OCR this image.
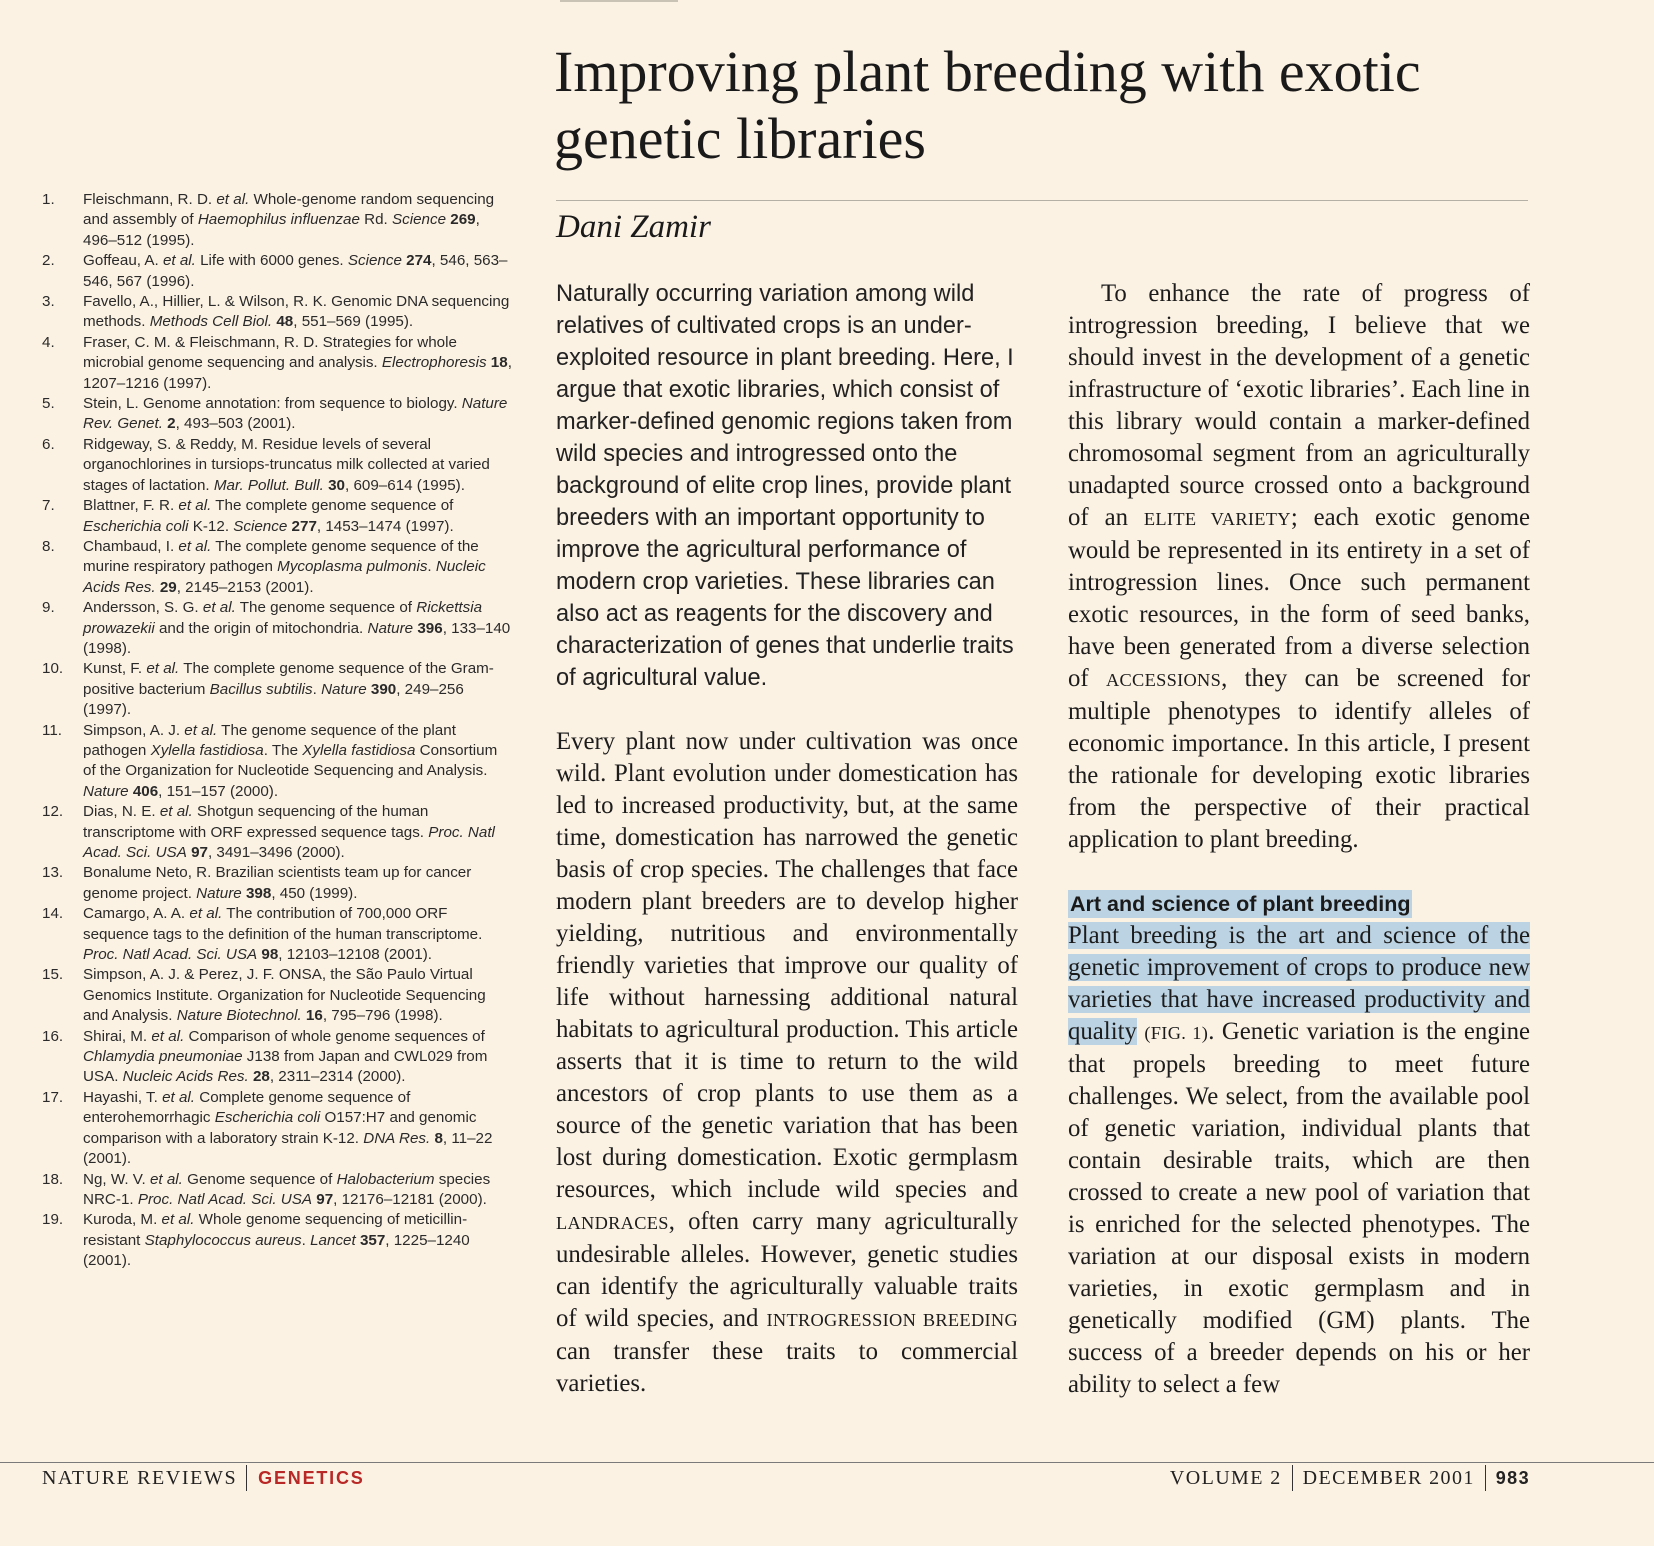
Improving plant breeding with exotic genetic libraries
Dani Zamir
1. Fleischmann, R. D. et al. Whole-genome random sequencing and assembly of Haemophilus influenzae Rd. Science 269, 496–512 (1995).
2. Goffeau, A. et al. Life with 6000 genes. Science 274, 546, 563–546, 567 (1996).
3. Favello, A., Hillier, L. & Wilson, R. K. Genomic DNA sequencing methods. Methods Cell Biol. 48, 551–569 (1995).
4. Fraser, C. M. & Fleischmann, R. D. Strategies for whole microbial genome sequencing and analysis. Electrophoresis 18, 1207–1216 (1997).
5. Stein, L. Genome annotation: from sequence to biology. Nature Rev. Genet. 2, 493–503 (2001).
6. Ridgeway, S. & Reddy, M. Residue levels of several organochlorines in tursiops-truncatus milk collected at varied stages of lactation. Mar. Pollut. Bull. 30, 609–614 (1995).
7. Blattner, F. R. et al. The complete genome sequence of Escherichia coli K-12. Science 277, 1453–1474 (1997).
8. Chambaud, I. et al. The complete genome sequence of the murine respiratory pathogen Mycoplasma pulmonis. Nucleic Acids Res. 29, 2145–2153 (2001).
9. Andersson, S. G. et al. The genome sequence of Rickettsia prowazekii and the origin of mitochondria. Nature 396, 133–140 (1998).
10. Kunst, F. et al. The complete genome sequence of the Gram-positive bacterium Bacillus subtilis. Nature 390, 249–256 (1997).
11. Simpson, A. J. et al. The genome sequence of the plant pathogen Xylella fastidiosa. The Xylella fastidiosa Consortium of the Organization for Nucleotide Sequencing and Analysis. Nature 406, 151–157 (2000).
12. Dias, N. E. et al. Shotgun sequencing of the human transcriptome with ORF expressed sequence tags. Proc. Natl Acad. Sci. USA 97, 3491–3496 (2000).
13. Bonalume Neto, R. Brazilian scientists team up for cancer genome project. Nature 398, 450 (1999).
14. Camargo, A. A. et al. The contribution of 700,000 ORF sequence tags to the definition of the human transcriptome. Proc. Natl Acad. Sci. USA 98, 12103–12108 (2001).
15. Simpson, A. J. & Perez, J. F. ONSA, the São Paulo Virtual Genomics Institute. Organization for Nucleotide Sequencing and Analysis. Nature Biotechnol. 16, 795–796 (1998).
16. Shirai, M. et al. Comparison of whole genome sequences of Chlamydia pneumoniae J138 from Japan and CWL029 from USA. Nucleic Acids Res. 28, 2311–2314 (2000).
17. Hayashi, T. et al. Complete genome sequence of enterohemorrhagic Escherichia coli O157:H7 and genomic comparison with a laboratory strain K-12. DNA Res. 8, 11–22 (2001).
18. Ng, W. V. et al. Genome sequence of Halobacterium species NRC-1. Proc. Natl Acad. Sci. USA 97, 12176–12181 (2000).
19. Kuroda, M. et al. Whole genome sequencing of meticillin-resistant Staphylococcus aureus. Lancet 357, 1225–1240 (2001).

Naturally occurring variation among wild relatives of cultivated crops is an under-exploited resource in plant breeding. Here, I argue that exotic libraries, which consist of marker-defined genomic regions taken from wild species and introgressed onto the background of elite crop lines, provide plant breeders with an important opportunity to improve the agricultural performance of modern crop varieties. These libraries can also act as reagents for the discovery and characterization of genes that underlie traits of agricultural value.

Every plant now under cultivation was once wild. Plant evolution under domestication has led to increased productivity, but, at the same time, domestication has narrowed the genetic basis of crop species. The challenges that face modern plant breeders are to develop higher yielding, nutritious and environmentally friendly varieties that improve our quality of life without harnessing additional natural habitats to agricultural production. This article asserts that it is time to return to the wild ancestors of crop plants to use them as a source of the genetic variation that has been lost during domestication. Exotic germplasm resources, which include wild species and LANDRACES, often carry many agriculturally undesirable alleles. However, genetic studies can identify the agriculturally valuable traits of wild species, and INTROGRESSION BREEDING can transfer these traits to commercial varieties.

To enhance the rate of progress of introgression breeding, I believe that we should invest in the development of a genetic infrastructure of ‘exotic libraries’. Each line in this library would contain a marker-defined chromosomal segment from an agriculturally unadapted source crossed onto a background of an ELITE VARIETY; each exotic genome would be represented in its entirety in a set of introgression lines. Once such permanent exotic resources, in the form of seed banks, have been generated from a diverse selection of ACCESSIONS, they can be screened for multiple phenotypes to identify alleles of economic importance. In this article, I present the rationale for developing exotic libraries from the perspective of their practical application to plant breeding.

Art and science of plant breeding

Plant breeding is the art and science of the genetic improvement of crops to produce new varieties that have increased productivity and quality (FIG. 1). Genetic variation is the engine that propels breeding to meet future challenges. We select, from the available pool of genetic variation, individual plants that contain desirable traits, which are then crossed to create a new pool of variation that is enriched for the selected phenotypes. The variation at our disposal exists in modern varieties, in exotic germplasm and in genetically modified (GM) plants. The success of a breeder depends on his or her ability to select a few

NATURE REVIEWS	GENETICS	VOLUME 2 DECEMBER 2001 983
